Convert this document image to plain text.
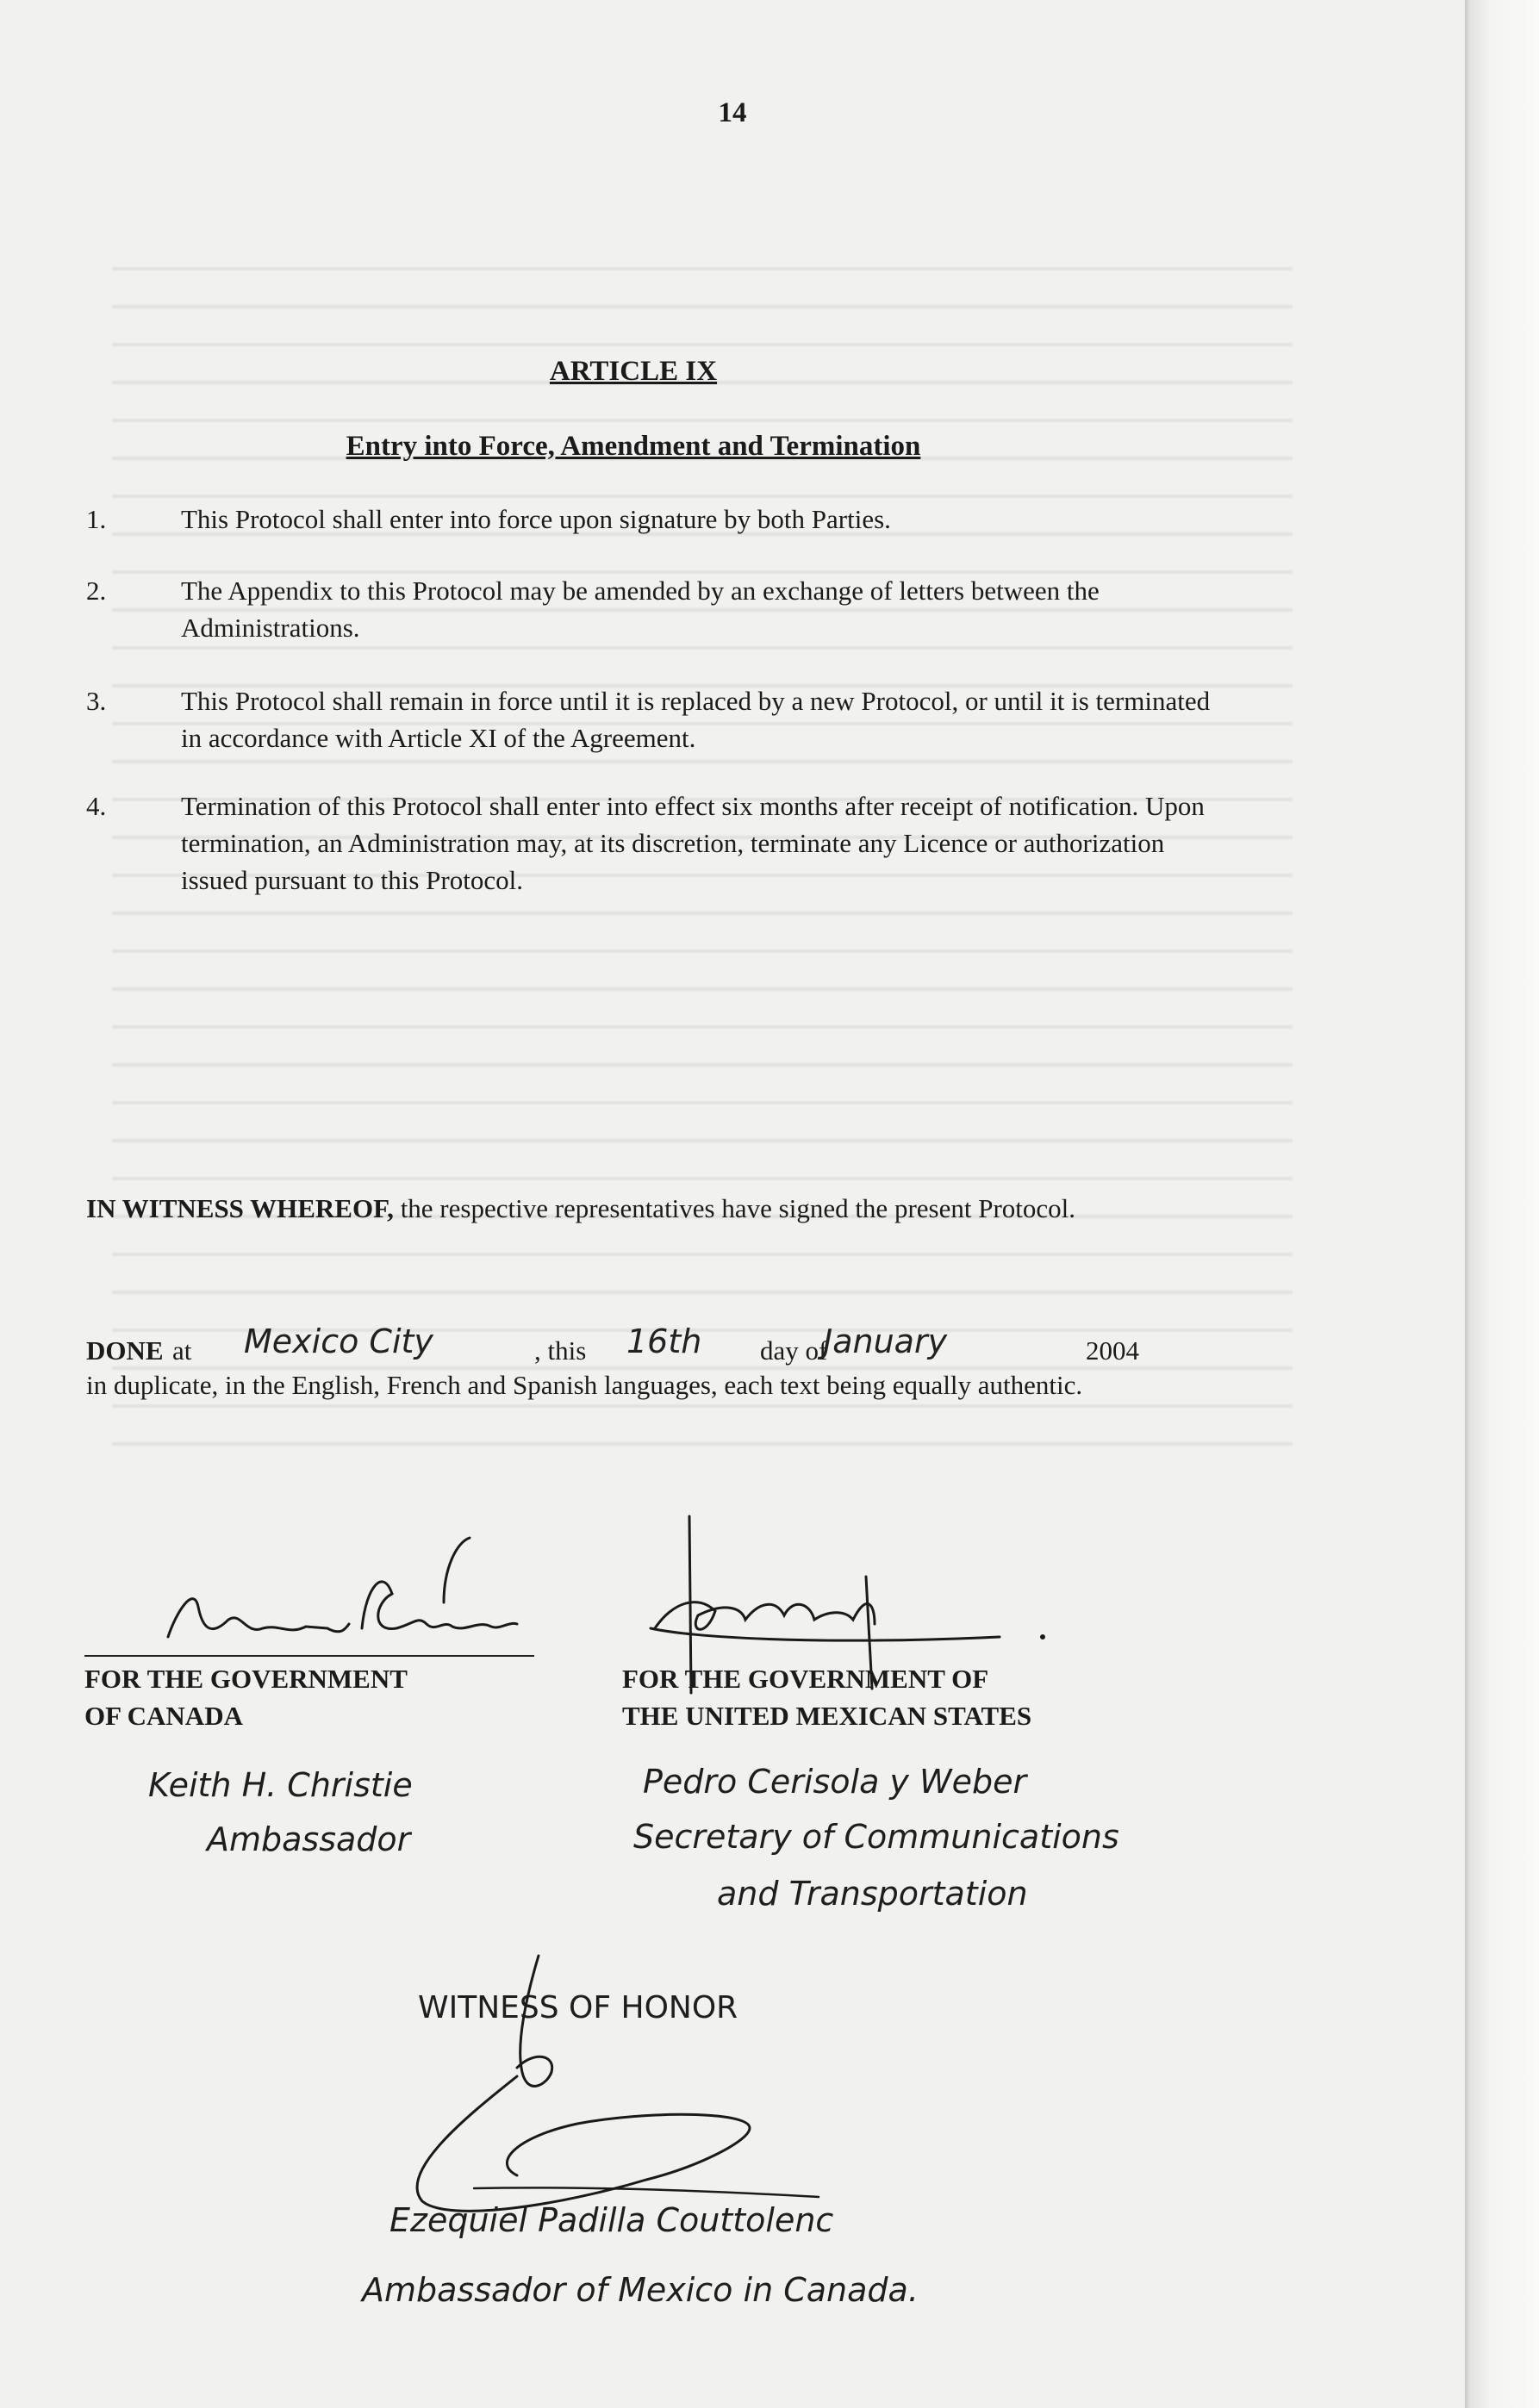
14
ARTICLE IX
Entry into Force, Amendment and Termination
1.	This Protocol shall enter into force upon signature by both Parties.
2.	The Appendix to this Protocol may be amended by an exchange of letters between the Administrations.
3.	This Protocol shall remain in force until it is replaced by a new Protocol, or until it is terminated in accordance with Article XI of the Agreement.
4.	Termination of this Protocol shall enter into effect six months after receipt of notification. Upon termination, an Administration may, at its discretion, terminate any Licence or authorization issued pursuant to this Protocol.
IN WITNESS WHEREOF, the respective representatives have signed the present Protocol.
DONE at Mexico City	, this 16th day of
January	2004
in duplicate, in the English, French and Spanish languages, each text being equally authentic.
FOR THE GOVERNMENT
OF CANADA
Keith H. Christie
Ambassador
FOR THE GOVERNMENT OF
THE UNITED MEXICAN STATES
Pedro Cerisola y Weber
Secretary of Communications
and Transportation
WITNESS OF HONOR
Ezequiel Padilla Couttolenc
Ambassador of Mexico in Canada.
